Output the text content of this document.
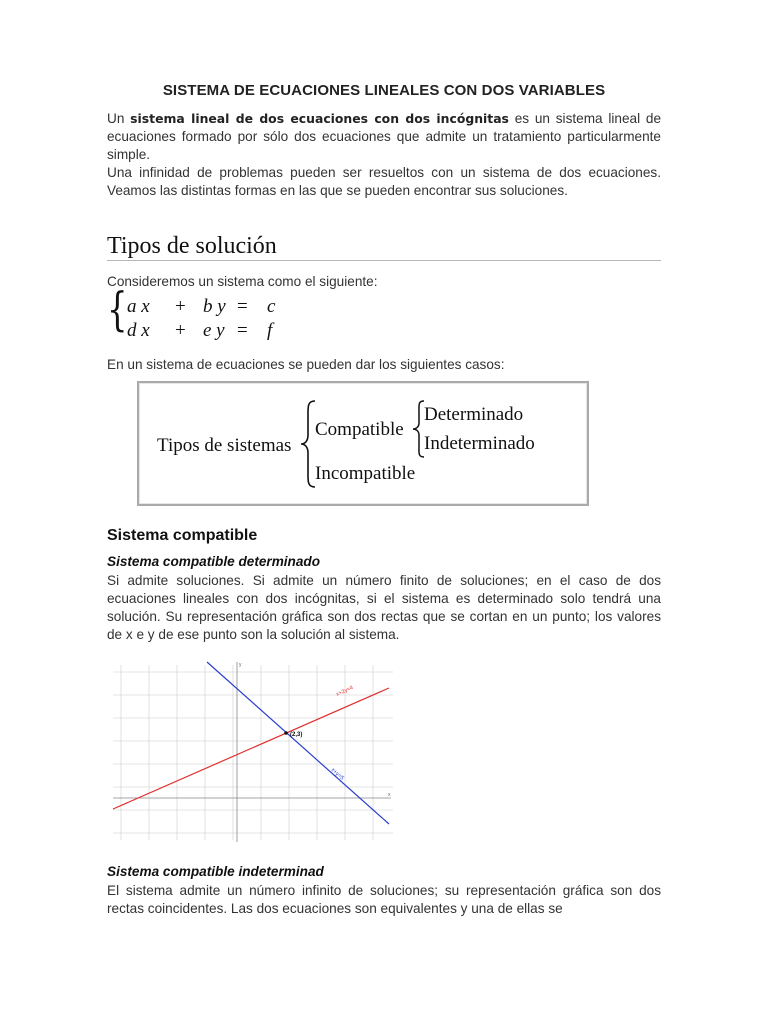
SISTEMA DE ECUACIONES LINEALES CON DOS VARIABLES
Un sistema lineal de dos ecuaciones con dos incógnitas es un sistema lineal de ecuaciones formado por sólo dos ecuaciones que admite un tratamiento particularmente simple.
Una infinidad de problemas pueden ser resueltos con un sistema de dos ecuaciones. Veamos las distintas formas en las que se pueden encontrar sus soluciones.
Tipos de solución
Consideremos un sistema como el siguiente:
{ a x + b y = c
d x + e y = f
En un sistema de ecuaciones se pueden dar los siguientes casos:
Tipos de sistemas
Compatible
Determinado
Indeterminado
Incompatible
Sistema compatible
Sistema compatible determinado
Si admite soluciones. Si admite un número finito de soluciones; en el caso de dos ecuaciones lineales con dos incógnitas, si el sistema es determinado solo tendrá una solución. Su representación gráfica son dos rectas que se cortan en un punto; los valores de x e y de ese punto son la solución al sistema.
x
y
(2,3)
x+2y=4
x+y=5
Sistema compatible indeterminad
El sistema admite un número infinito de soluciones; su representación gráfica son dos rectas coincidentes. Las dos ecuaciones son equivalentes y una de ellas se
